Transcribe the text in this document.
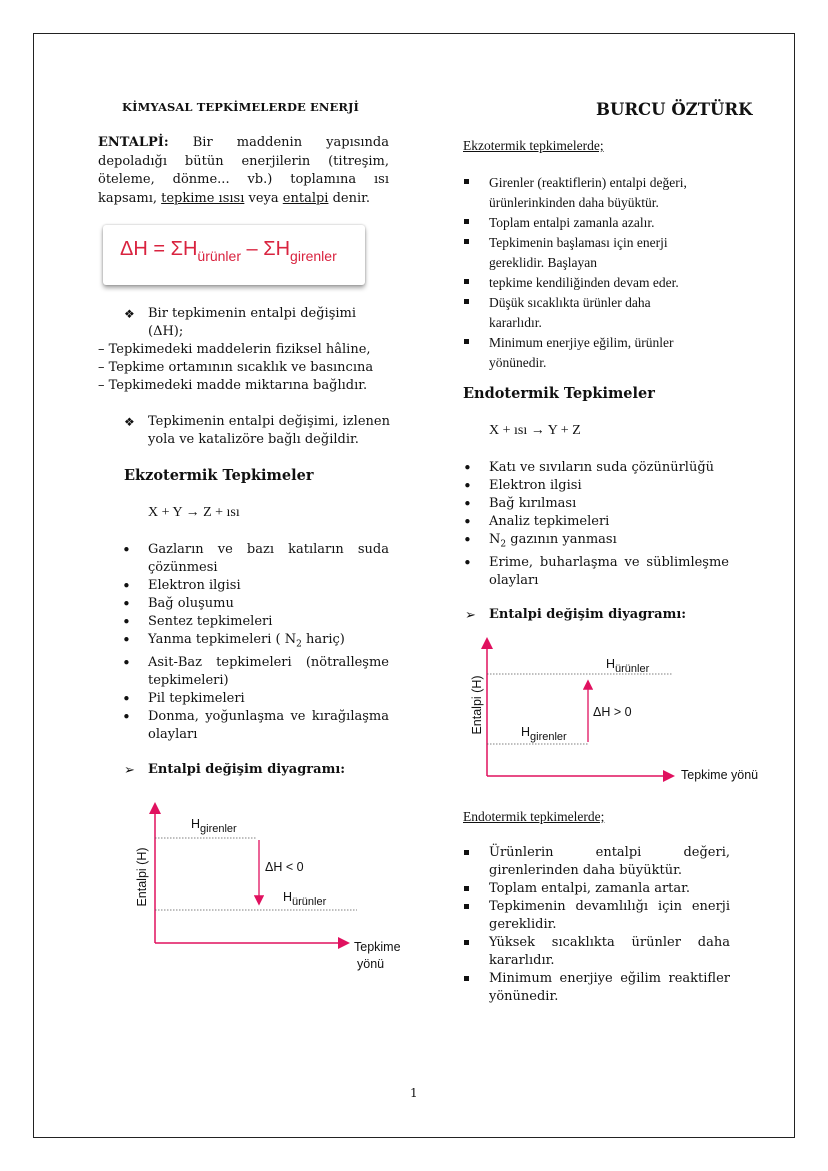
KİMYASAL TEPKİMELERDE ENERJİ	BURCU ÖZTÜRK
ENTALPİ: Bir maddenin yapısında
depoladığı bütün enerjilerin (titreşim,
öteleme, dönme... vb.) toplamına ısı
kapsamı, tepkime ısısı veya entalpi denir.
$\Delta H = \Sigma H_{ürünler} - \Sigma H_{girenler}$
❖ Bir tepkimenin entalpi değişimi
(ΔH);
– Tepkimedeki maddelerin fiziksel hâline,
– Tepkime ortamının sıcaklık ve basıncına
– Tepkimedeki madde miktarına bağlıdır.
❖ Tepkimenin entalpi değişimi, izlenen
yola ve katalizöre bağlı değildir.
Ekzotermik Tepkimeler
X + Y → Z + ısı
• Gazların ve bazı katıların suda
çözünmesi
• Elektron ilgisi
• Bağ oluşumu
• Sentez tepkimeleri
• Yanma tepkimeleri ( $N_2$ hariç)
• Asit-Baz tepkimeleri (nötralleşme
tepkimeleri)
• Pil tepkimeleri
• Donma, yoğunlaşma ve kırağılaşma
olayları
➢ Entalpi değişim diyagramı:
$H_{girenler}$
ΔH < 0
$H_{ürünler}$
Entalpi (H)
Tepkime
yönü
Ekzotermik tepkimelerde;
Girenler (reaktiflerin) entalpi değeri,
ürünlerinkinden daha büyüktür.
Toplam entalpi zamanla azalır.
Tepkimenin başlaması için enerji
gereklidir. Başlayan
tepkime kendiliğinden devam eder.
Düşük sıcaklıkta ürünler daha
kararlıdır.
Minimum enerjiye eğilim, ürünler
yönünedir.
Endotermik Tepkimeler
X + ısı → Y + Z
• Katı ve sıvıların suda çözünürlüğü
• Elektron ilgisi
• Bağ kırılması
• Analiz tepkimeleri
• $N_2$ gazının yanması
• Erime, buharlaşma ve süblimleşme
olayları
➢ Entalpi değişim diyagramı:
$H_{ürünler}$
ΔH > 0
$H_{girenler}$
Entalpi (H)
Tepkime yönü
Endotermik tepkimelerde;
Ürünlerin entalpi değeri,
girenlerinden daha büyüktür.
Toplam entalpi, zamanla artar.
Tepkimenin devamlılığı için enerji
gereklidir.
Yüksek sıcaklıkta ürünler daha
kararlıdır.
Minimum enerjiye eğilim reaktifler
yönünedir.
1
